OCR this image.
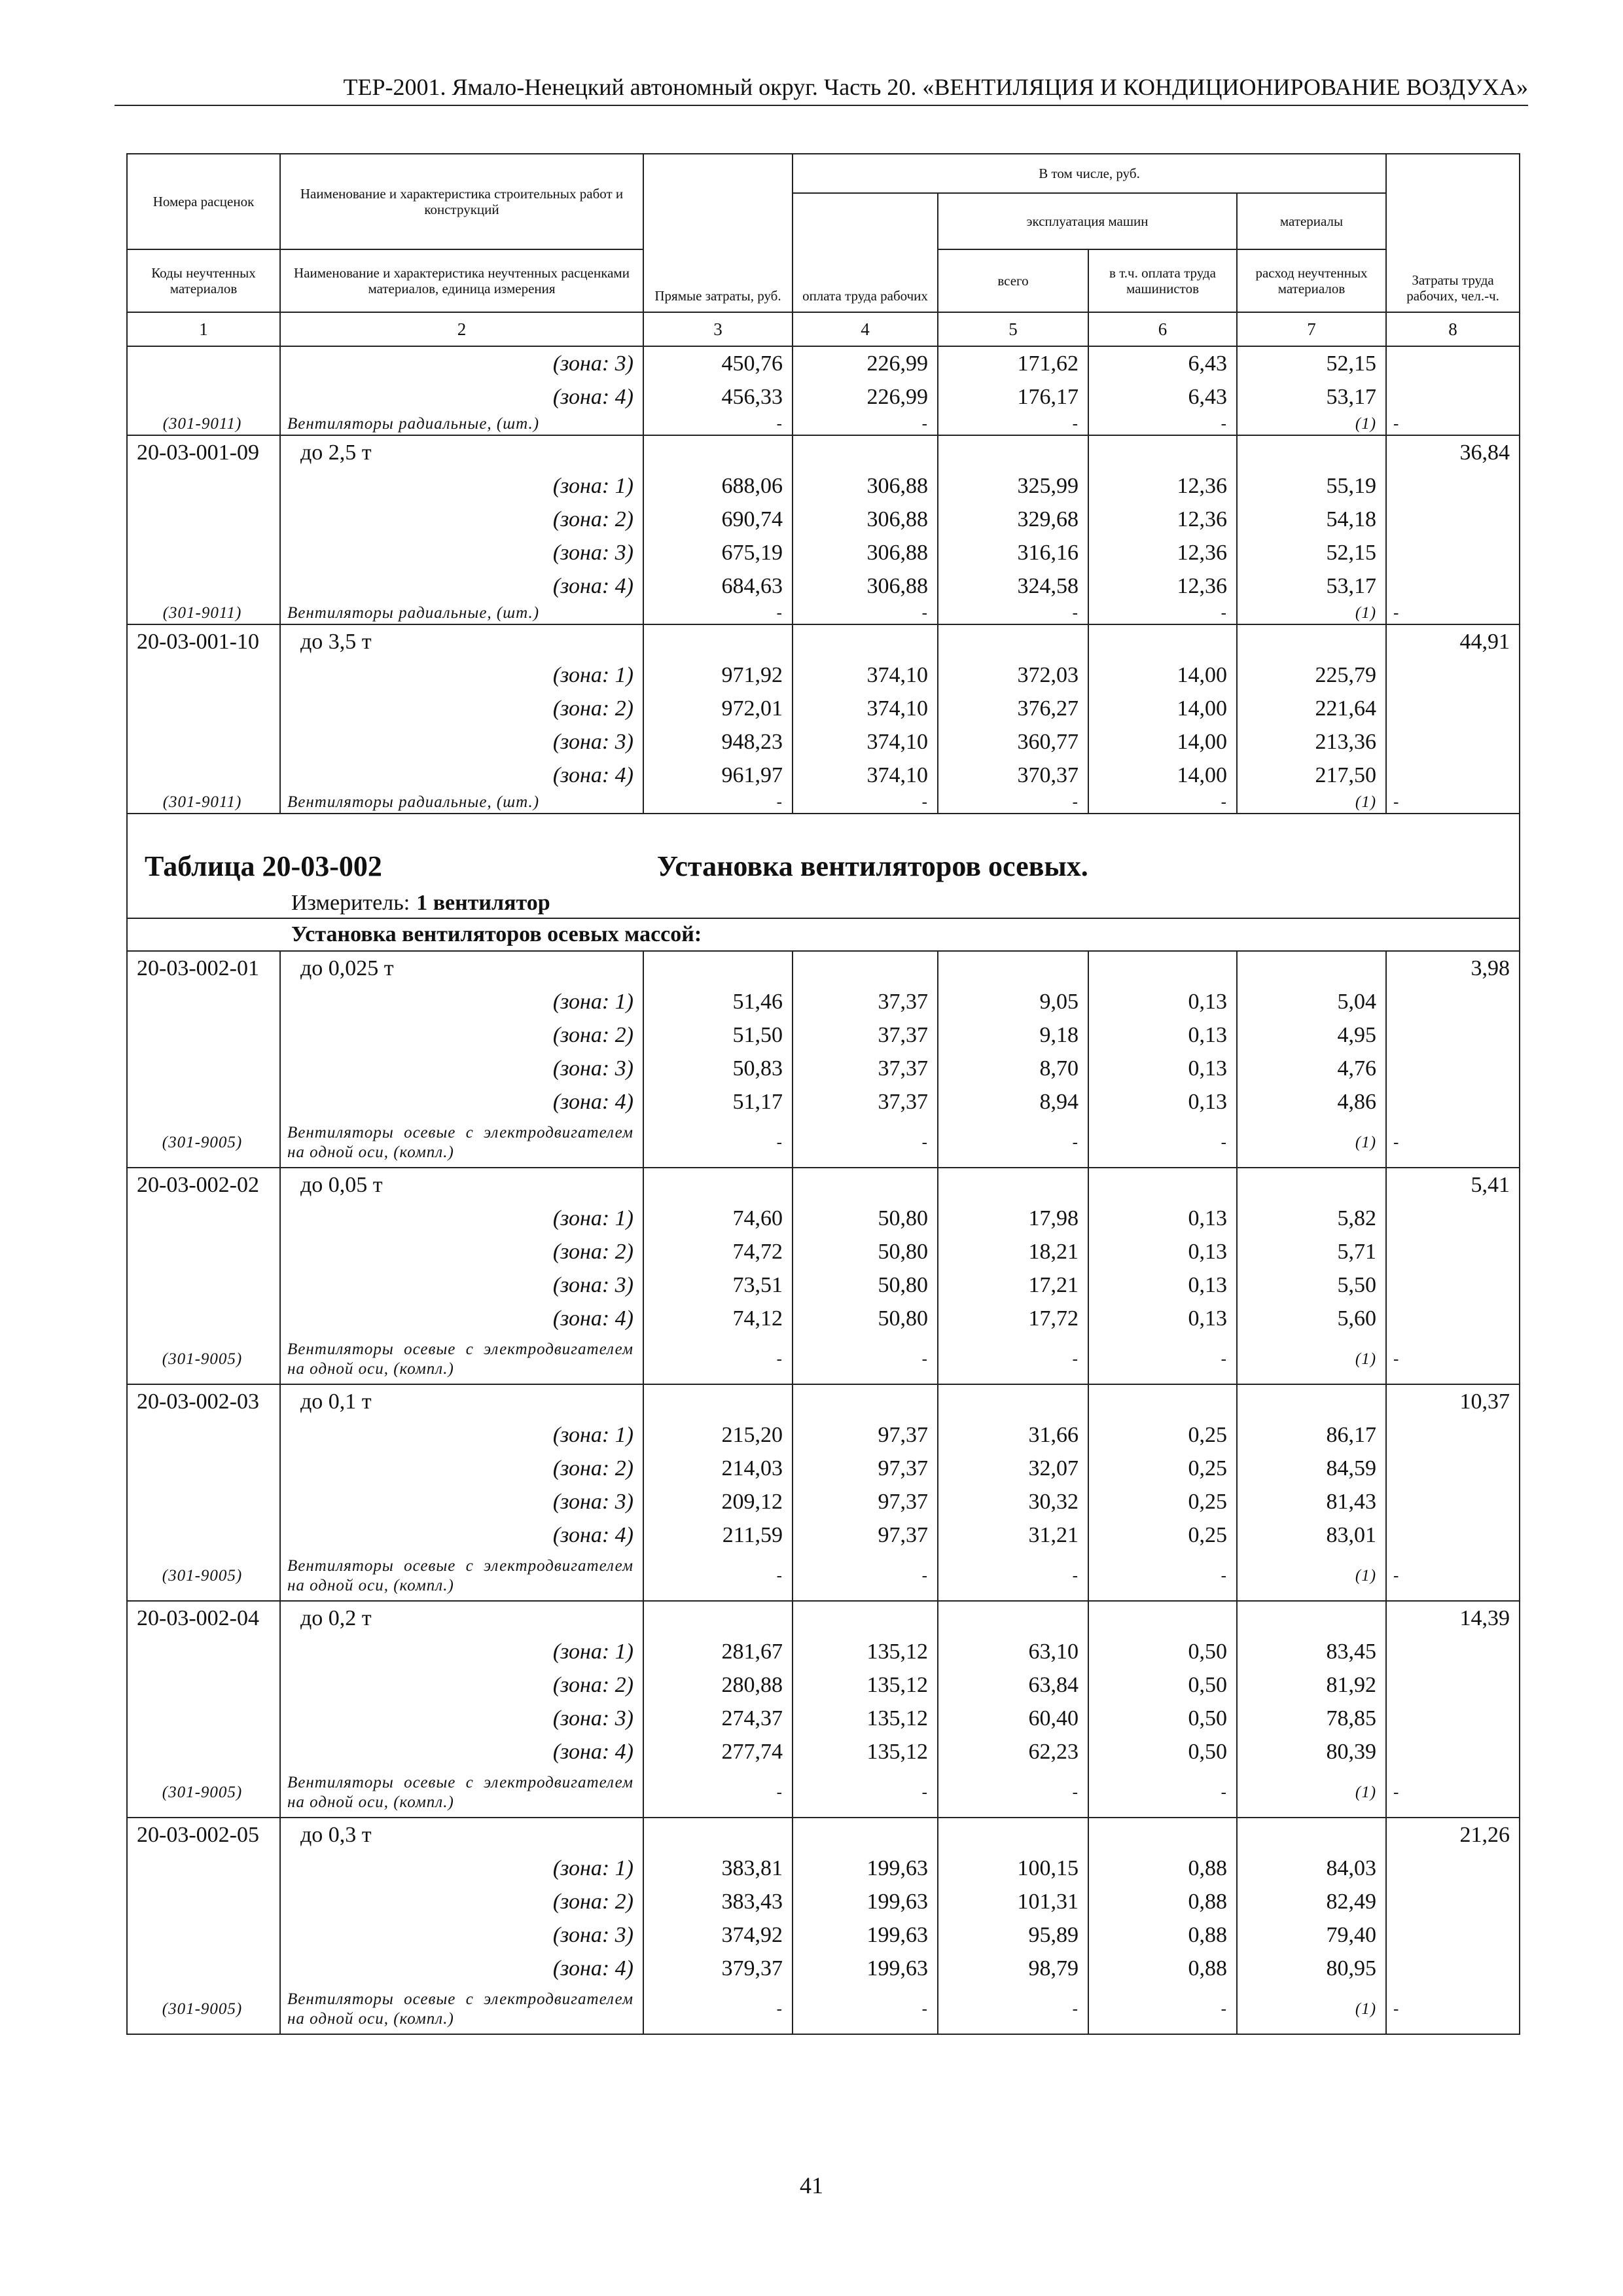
ТЕР-2001. Ямало-Ненецкий автономный округ. Часть 20. «ВЕНТИЛЯЦИЯ И КОНДИЦИОНИРОВАНИЕ ВОЗДУХА»
Номера расценок	Наименование и характеристика строительных работ и конструкций	Прямые затраты, руб.	В том числе, руб.				Затраты труда рабочих, чел.-ч.
			оплата труда рабочих	эксплуатация машин		материалы	
Коды неучтенных материалов	Наименование и характеристика неучтенных расценками материалов, единица измерения			всего	в т.ч. оплата труда машинистов	расход неучтенных материалов	

1	2	3	4	5	6	7	8
	(зона: 3)	450,76	226,99	171,62	6,43	52,15	
	(зона: 4)	456,33	226,99	176,17	6,43	53,17	
(301-9011)	Вентиляторы радиальные, (шт.)	-	-	-	-	(1)	-
20-03-001-09	до 2,5 т						36,84
	(зона: 1)	688,06	306,88	325,99	12,36	55,19	
	(зона: 2)	690,74	306,88	329,68	12,36	54,18	
	(зона: 3)	675,19	306,88	316,16	12,36	52,15	
	(зона: 4)	684,63	306,88	324,58	12,36	53,17	
(301-9011)	Вентиляторы радиальные, (шт.)	-	-	-	-	(1)	-
20-03-001-10	до 3,5 т						44,91
	(зона: 1)	971,92	374,10	372,03	14,00	225,79	
	(зона: 2)	972,01	374,10	376,27	14,00	221,64	
	(зона: 3)	948,23	374,10	360,77	14,00	213,36	
	(зона: 4)	961,97	374,10	370,37	14,00	217,50	
(301-9011)	Вентиляторы радиальные, (шт.)	-	-	-	-	(1)	-
Таблица 20-03-002 Установка вентиляторов осевых.							
Измеритель: 1 вентилятор							
Установка вентиляторов осевых массой:							
20-03-002-01	до 0,025 т						3,98
	(зона: 1)	51,46	37,37	9,05	0,13	5,04	
	(зона: 2)	51,50	37,37	9,18	0,13	4,95	
	(зона: 3)	50,83	37,37	8,70	0,13	4,76	
	(зона: 4)	51,17	37,37	8,94	0,13	4,86	
(301-9005)	Вентиляторы осевые с электродвигателем на одной оси, (компл.)	-	-	-	-	(1)	-
20-03-002-02	до 0,05 т						5,41
	(зона: 1)	74,60	50,80	17,98	0,13	5,82	
	(зона: 2)	74,72	50,80	18,21	0,13	5,71	
	(зона: 3)	73,51	50,80	17,21	0,13	5,50	
	(зона: 4)	74,12	50,80	17,72	0,13	5,60	
(301-9005)	Вентиляторы осевые с электродвигателем на одной оси, (компл.)	-	-	-	-	(1)	-
20-03-002-03	до 0,1 т						10,37
	(зона: 1)	215,20	97,37	31,66	0,25	86,17	
	(зона: 2)	214,03	97,37	32,07	0,25	84,59	
	(зона: 3)	209,12	97,37	30,32	0,25	81,43	
	(зона: 4)	211,59	97,37	31,21	0,25	83,01	
(301-9005)	Вентиляторы осевые с электродвигателем на одной оси, (компл.)	-	-	-	-	(1)	-
20-03-002-04	до 0,2 т						14,39
	(зона: 1)	281,67	135,12	63,10	0,50	83,45	
	(зона: 2)	280,88	135,12	63,84	0,50	81,92	
	(зона: 3)	274,37	135,12	60,40	0,50	78,85	
	(зона: 4)	277,74	135,12	62,23	0,50	80,39	
(301-9005)	Вентиляторы осевые с электродвигателем на одной оси, (компл.)	-	-	-	-	(1)	-
20-03-002-05	до 0,3 т						21,26
	(зона: 1)	383,81	199,63	100,15	0,88	84,03	
	(зона: 2)	383,43	199,63	101,31	0,88	82,49	
	(зона: 3)	374,92	199,63	95,89	0,88	79,40	
	(зона: 4)	379,37	199,63	98,79	0,88	80,95	
(301-9005)	Вентиляторы осевые с электродвигателем на одной оси, (компл.)	-	-	-	-	(1)	-
41
